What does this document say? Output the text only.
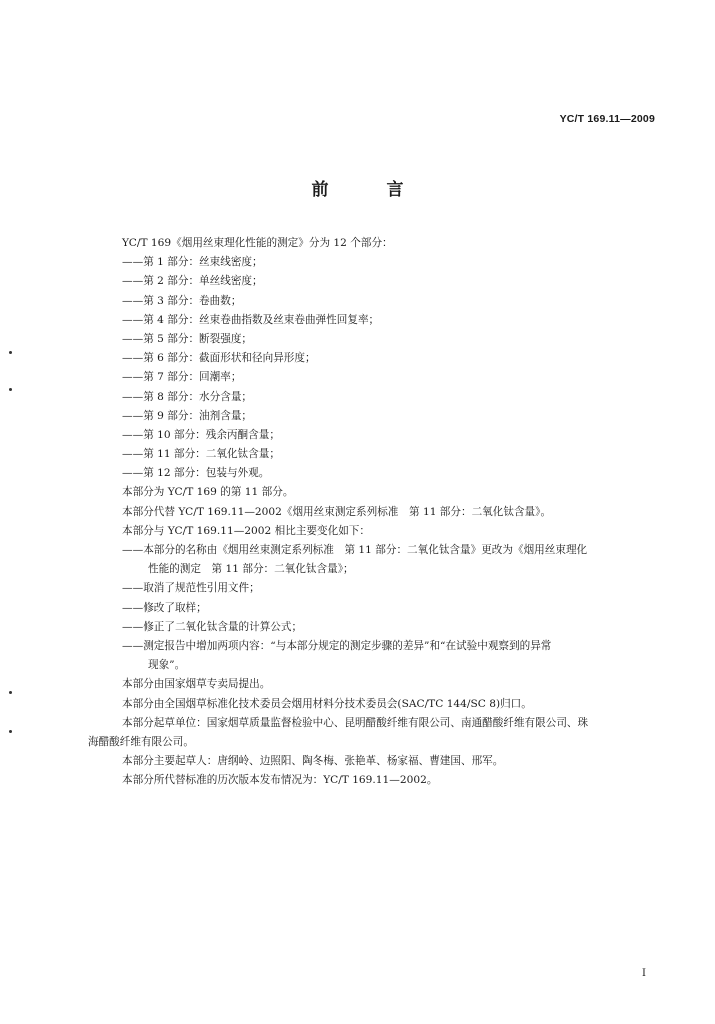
YC/T 169.11—2009
前 言
YC/T 169《烟用丝束理化性能的测定》分为 12 个部分：
——第 1 部分：丝束线密度；
——第 2 部分：单丝线密度；
——第 3 部分：卷曲数；
——第 4 部分：丝束卷曲指数及丝束卷曲弹性回复率；
——第 5 部分：断裂强度；
——第 6 部分：截面形状和径向异形度；
——第 7 部分：回潮率；
——第 8 部分：水分含量；
——第 9 部分：油剂含量；
——第 10 部分：残余丙酮含量；
——第 11 部分：二氧化钛含量；
——第 12 部分：包装与外观。
本部分为 YC/T 169 的第 11 部分。
本部分代替 YC/T 169.11—2002《烟用丝束测定系列标准　第 11 部分：二氧化钛含量》。
本部分与 YC/T 169.11—2002 相比主要变化如下：
——本部分的名称由《烟用丝束测定系列标准　第 11 部分：二氧化钛含量》更改为《烟用丝束理化
性能的测定　第 11 部分：二氧化钛含量》；
——取消了规范性引用文件；
——修改了取样；
——修正了二氧化钛含量的计算公式；
——测定报告中增加两项内容：“与本部分规定的测定步骤的差异”和“在试验中观察到的异常
现象”。
本部分由国家烟草专卖局提出。
本部分由全国烟草标准化技术委员会烟用材料分技术委员会(SAC/TC 144/SC 8)归口。
本部分起草单位：国家烟草质量监督检验中心、昆明醋酸纤维有限公司、南通醋酸纤维有限公司、珠
海醋酸纤维有限公司。
本部分主要起草人：唐纲岭、边照阳、陶冬梅、张艳革、杨家福、曹建国、邢军。
本部分所代替标准的历次版本发布情况为：YC/T 169.11—2002。
I
